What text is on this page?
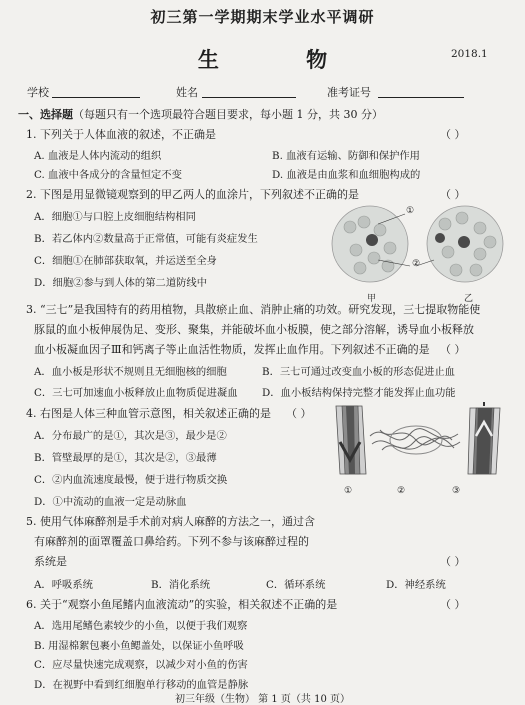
初三第一学期期末学业水平调研
生 物	2018.1
学校	姓名	准考证号
一、选择题（每题只有一个选项最符合题目要求，每小题 1 分，共 30 分）
1. 下列关于人体血液的叙述，不正确是	（ ）
A. 血液是人体内流动的组织	B. 血液有运输、防御和保护作用
C. 血液中各成分的含量恒定不变	D. 血液是由血浆和血细胞构成的
2. 下图是用显微镜观察到的甲乙两人的血涂片，下列叙述不正确的是	（ ）
A．细胞①与口腔上皮细胞结构相同
B．若乙体内②数量高于正常值，可能有炎症发生
C．细胞①在肺部获取氧，并运送至全身
D．细胞②参与到人体的第二道防线中
①
②
甲	乙
3. “三七”是我国特有的药用植物，具散瘀止血、消肿止痛的功效。研究发现，三七提取物能使
豚鼠的血小板伸展伪足、变形、聚集，并能破坏血小板膜，使之部分溶解，诱导血小板释放
血小板凝血因子Ⅲ和钙离子等止血活性物质，发挥止血作用。下列叙述不正确的是 （ ）
A．血小板是形状不规则且无细胞核的细胞	B．三七可通过改变血小板的形态促进止血
C．三七可加速血小板释放止血物质促进凝血 D．血小板结构保持完整才能发挥止血功能
4. 右图是人体三种血管示意图，相关叙述正确的是 （ ）
A．分布最广的是①，其次是③，最少是②
B．管壁最厚的是①，其次是②，③最薄
C．②内血流速度最慢，便于进行物质交换
D．①中流动的血液一定是动脉血
①	②	③
5. 使用气体麻醉剂是手术前对病人麻醉的方法之一，通过含
有麻醉剂的面罩覆盖口鼻给药。下列不参与该麻醉过程的
系统是	（ ）
A．呼吸系统	B．消化系统	C．循环系统	D．神经系统
6. 关于“观察小鱼尾鳍内血液流动”的实验，相关叙述不正确的是	（ ）
A．选用尾鳍色素较少的小鱼，以便于我们观察
B. 用湿棉絮包裹小鱼鳃盖处，以保证小鱼呼吸
C．应尽量快速完成观察，以减少对小鱼的伤害
D．在视野中看到红细胞单行移动的血管是静脉
初三年级（生物） 第 1 页（共 10 页）
